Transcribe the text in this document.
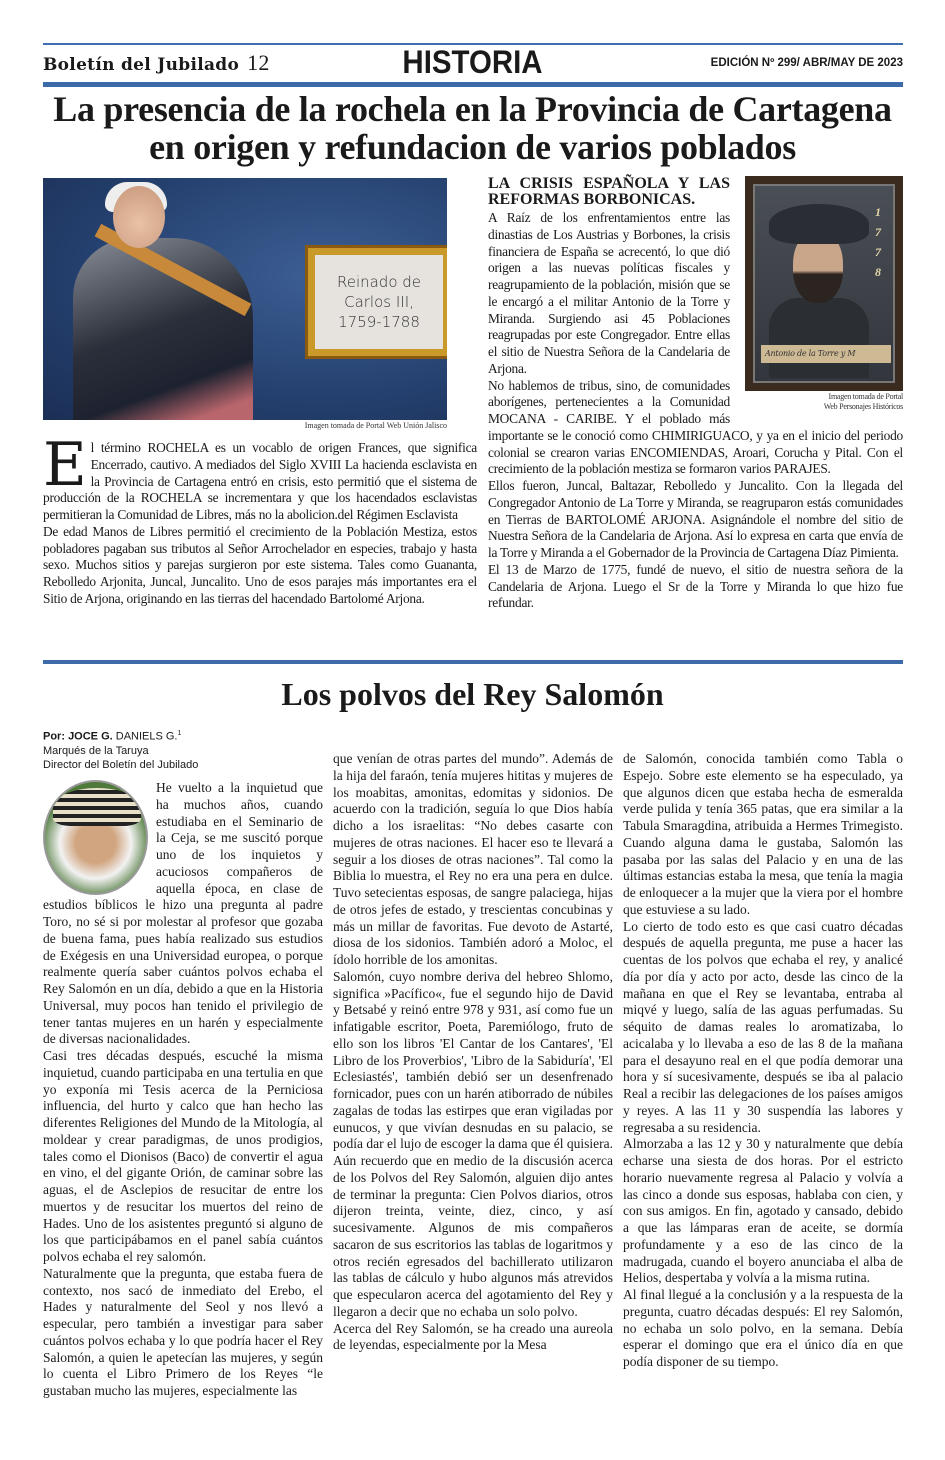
Boletín del Jubilado 12	HISTORIA	EDICIÓN Nº 299/ ABR/MAY DE 2023
La presencia de la rochela en la Provincia de Cartagena
en origen y refundacion de varios poblados
Reinado de
Carlos III,
1759-1788
Imagen tomada de Portal Web Unión Jalisco
1 7 7 8
Antonio de la Torre y M
Imagen tomada de Portal
Web Personajes Históricos
LA CRISIS ESPAÑOLA Y LAS REFORMAS BORBONICAS.

A Raíz de los enfrentamientos entre las dinastias de Los Austrias y Borbones, la crisis financiera de España se acrecentó, lo que dió origen a las nuevas políticas fiscales y reagrupamiento de la población, misión que se le encargó a el militar Antonio de la Torre y Miranda. Surgiendo asi 45 Poblaciones reagrupadas por este Congregador. Entre ellas el sitio de Nuestra Señora de la Candelaria de Arjona.

No hablemos de tribus, sino, de comunidades aborígenes, pertenecientes a la Comunidad MOCANA - CARIBE. Y el poblado más importante se le conoció como CHIMIRIGUACO, y ya en el inicio del periodo colonial se crearon varias ENCOMIENDAS, Aroari, Corucha y Pital. Con el crecimiento de la población mestiza se formaron varios PARAJES.

Ellos fueron, Juncal, Baltazar, Rebolledo y Juncalito. Con la llegada del Congregador Antonio de La Torre y Miranda, se reagruparon estás comunidades en Tierras de BARTOLOMÉ ARJONA. Asignándole el nombre del sitio de Nuestra Señora de la Candelaria de Arjona. Así lo expresa en carta que envía de la Torre y Miranda a el Gobernador de la Provincia de Cartagena Díaz Pimienta.

El 13 de Marzo de 1775, fundé de nuevo, el sitio de nuestra señora de la Candelaria de Arjona. Luego el Sr de la Torre y Miranda lo que hizo fue refundar.

E l término ROCHELA es un vocablo de origen Frances, que significa Encerrado, cautivo. A mediados del Siglo XVIII La hacienda esclavista en la Provincia de Cartagena entró en crisis, esto permitió que el sistema de producción de la ROCHELA se incrementara y que los hacendados esclavistas permitieran la Comunidad de Libres, más no la abolicion.del Régimen Esclavista

De edad Manos de Libres permitió el crecimiento de la Población Mestiza, estos pobladores pagaban sus tributos al Señor Arrochelador en especies, trabajo y hasta sexo. Muchos sitios y parejas surgieron por este sistema. Tales como Guananta, Rebolledo Arjonita, Juncal, Juncalito. Uno de esos parajes más importantes era el Sitio de Arjona, originando en las tierras del hacendado Bartolomé Arjona.

Los polvos del Rey Salomón
Por: JOCE G. DANIELS G.$^1$
Marqués de la Taruya
Director del Boletín del Jubilado

He vuelto a la inquietud que ha muchos años, cuando estudiaba en el Seminario de la Ceja, se me suscitó porque uno de los inquietos y acuciosos compañeros de aquella época, en clase de estudios bíblicos le hizo una pregunta al padre Toro, no sé si por molestar al profesor que gozaba de buena fama, pues había realizado sus estudios de Exégesis en una Universidad europea, o porque realmente quería saber cuántos polvos echaba el Rey Salomón en un día, debido a que en la Historia Universal, muy pocos han tenido el privilegio de tener tantas mujeres en un harén y especialmente de diversas nacionalidades.

Casi tres décadas después, escuché la misma inquietud, cuando participaba en una tertulia en que yo exponía mi Tesis acerca de la Perniciosa influencia, del hurto y calco que han hecho las diferentes Religiones del Mundo de la Mitología, al moldear y crear paradigmas, de unos prodigios, tales como el Dionisos (Baco) de convertir el agua en vino, el del gigante Orión, de caminar sobre las aguas, el de Asclepios de resucitar de entre los muertos y de resucitar los muertos del reino de Hades. Uno de los asistentes preguntó si alguno de los que participábamos en el panel sabía cuántos polvos echaba el rey salomón.

Naturalmente que la pregunta, que estaba fuera de contexto, nos sacó de inmediato del Erebo, el Hades y naturalmente del Seol y nos llevó a especular, pero también a investigar para saber cuántos polvos echaba y lo que podría hacer el Rey Salomón, a quien le apetecían las mujeres, y según lo cuenta el Libro Primero de los Reyes “le gustaban mucho las mujeres, especialmente las

que venían de otras partes del mundo”. Además de la hija del faraón, tenía mujeres hititas y mujeres de los moabitas, amonitas, edomitas y sidonios. De acuerdo con la tradición, seguía lo que Dios había dicho a los israelitas: “No debes casarte con mujeres de otras naciones. El hacer eso te llevará a seguir a los dioses de otras naciones”. Tal como la Biblia lo muestra, el Rey no era una pera en dulce. Tuvo setecientas esposas, de sangre palaciega, hijas de otros jefes de estado, y trescientas concubinas y más un millar de favoritas. Fue devoto de Astarté, diosa de los sidonios. También adoró a Moloc, el ídolo horrible de los amonitas.

Salomón, cuyo nombre deriva del hebreo Shlomo, significa »Pacífico«, fue el segundo hijo de David y Betsabé y reinó entre 978 y 931, así como fue un infatigable escritor, Poeta, Paremiólogo, fruto de ello son los libros 'El Cantar de los Cantares', 'El Libro de los Proverbios', 'Libro de la Sabiduría', 'El Eclesiastés', también debió ser un desenfrenado fornicador, pues con un harén atiborrado de núbiles zagalas de todas las estirpes que eran vigiladas por eunucos, y que vivían desnudas en su palacio, se podía dar el lujo de escoger la dama que él quisiera.

Aún recuerdo que en medio de la discusión acerca de los Polvos del Rey Salomón, alguien dijo antes de terminar la pregunta: Cien Polvos diarios, otros dijeron treinta, veinte, diez, cinco, y así sucesivamente. Algunos de mis compañeros sacaron de sus escritorios las tablas de logaritmos y otros recién egresados del bachillerato utilizaron las tablas de cálculo y hubo algunos más atrevidos que especularon acerca del agotamiento del Rey y llegaron a decir que no echaba un solo polvo.

Acerca del Rey Salomón, se ha creado una aureola de leyendas, especialmente por la Mesa

de Salomón, conocida también como Tabla o Espejo. Sobre este elemento se ha especulado, ya que algunos dicen que estaba hecha de esmeralda verde pulida y tenía 365 patas, que era similar a la Tabula Smaragdina, atribuida a Hermes Trimegisto. Cuando alguna dama le gustaba, Salomón las pasaba por las salas del Palacio y en una de las últimas estancias estaba la mesa, que tenía la magia de enloquecer a la mujer que la viera por el hombre que estuviese a su lado.

Lo cierto de todo esto es que casi cuatro décadas después de aquella pregunta, me puse a hacer las cuentas de los polvos que echaba el rey, y analicé día por día y acto por acto, desde las cinco de la mañana en que el Rey se levantaba, entraba al miqvé y luego, salía de las aguas perfumadas. Su séquito de damas reales lo aromatizaba, lo acicalaba y lo llevaba a eso de las 8 de la mañana para el desayuno real en el que podía demorar una hora y sí sucesivamente, después se iba al palacio Real a recibir las delegaciones de los países amigos y reyes. A las 11 y 30 suspendía las labores y regresaba a su residencia.

Almorzaba a las 12 y 30 y naturalmente que debía echarse una siesta de dos horas. Por el estricto horario nuevamente regresa al Palacio y volvía a las cinco a donde sus esposas, hablaba con cien, y con sus amigos. En fin, agotado y cansado, debido a que las lámparas eran de aceite, se dormía profundamente y a eso de las cinco de la madrugada, cuando el boyero anunciaba el alba de Helios, despertaba y volvía a la misma rutina.

Al final llegué a la conclusión y a la respuesta de la pregunta, cuatro décadas después: El rey Salomón, no echaba un solo polvo, en la semana. Debía esperar el domingo que era el único día en que podía disponer de su tiempo.
